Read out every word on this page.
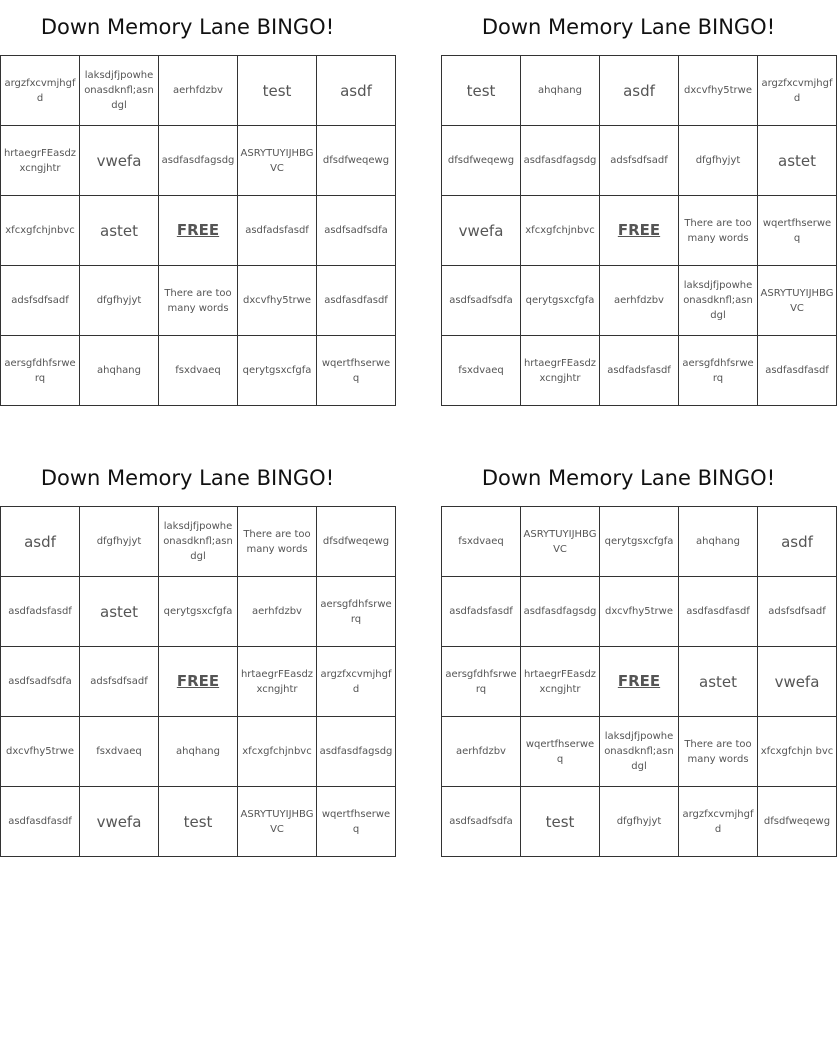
Down Memory Lane BINGO!
argzfxcvmjhgfd	laksdjfjpowheonasdknfl;asndgl	aerhfdzbv	test	asdf
hrtaegrFEasdzxcngjhtr	vwefa	asdfasdfagsdg	ASRYTUYIJHBGVC	dfsdfweqewg
xfcxgfchjnbvc	astet	FREE	asdfadsfasdf	asdfsadfsdfa
adsfsdfsadf	dfgfhyjyt	There are too many words	dxcvfhy5trwe	asdfasdfasdf
aersgfdhfsrwerq	ahqhang	fsxdvaeq	qerytgsxcfgfa	wqertfhserweq
Down Memory Lane BINGO!
test	ahqhang	asdf	dxcvfhy5trwe	argzfxcvmjhgfd
dfsdfweqewg	asdfasdfagsdg	adsfsdfsadf	dfgfhyjyt	astet
vwefa	xfcxgfchjnbvc	FREE	There are too many words	wqertfhserweq
asdfsadfsdfa	qerytgsxcfgfa	aerhfdzbv	laksdjfjpowheonasdknfl;asndgl	ASRYTUYIJHBGVC
fsxdvaeq	hrtaegrFEasdzxcngjhtr	asdfadsfasdf	aersgfdhfsrwerq	asdfasdfasdf
Down Memory Lane BINGO!
asdf	dfgfhyjyt	laksdjfjpowheonasdknfl;asndgl	There are too many words	dfsdfweqewg
asdfadsfasdf	astet	qerytgsxcfgfa	aerhfdzbv	aersgfdhfsrwerq
asdfsadfsdfa	adsfsdfsadf	FREE	hrtaegrFEasdzxcngjhtr	argzfxcvmjhgfd
dxcvfhy5trwe	fsxdvaeq	ahqhang	xfcxgfchjnbvc	asdfasdfagsdg
asdfasdfasdf	vwefa	test	ASRYTUYIJHBGVC	wqertfhserweq
Down Memory Lane BINGO!
fsxdvaeq	ASRYTUYIJHBGVC	qerytgsxcfgfa	ahqhang	asdf
asdfadsfasdf	asdfasdfagsdg	dxcvfhy5trwe	asdfasdfasdf	adsfsdfsadf
aersgfdhfsrwerq	hrtaegrFEasdzxcngjhtr	FREE	astet	vwefa
aerhfdzbv	wqertfhserweq	laksdjfjpowheonasdknfl;asndgl	There are too many words	xfcxgfchjn bvc
asdfsadfsdfa	test	dfgfhyjyt	argzfxcvmjhgfd	dfsdfweqewg
